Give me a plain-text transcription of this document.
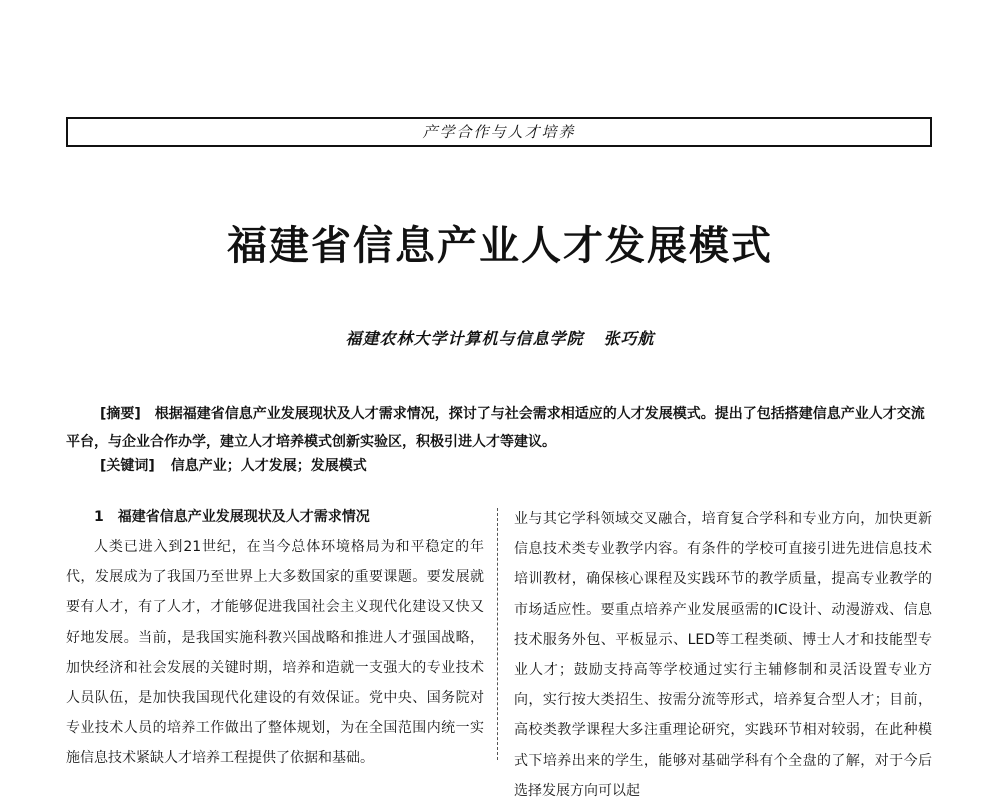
产学合作与人才培养
福建省信息产业人才发展模式
福建农林大学计算机与信息学院 张巧航
[摘要] 根据福建省信息产业发展现状及人才需求情况，探讨了与社会需求相适应的人才发展模式。提出了包括搭建信息产业人才交流平台，与企业合作办学，建立人才培养模式创新实验区，积极引进人才等建议。
[关键词] 信息产业；人才发展；发展模式
1　福建省信息产业发展现状及人才需求情况

人类已进入到21世纪，在当今总体环境格局为和平稳定的年代，发展成为了我国乃至世界上大多数国家的重要课题。要发展就要有人才，有了人才，才能够促进我国社会主义现代化建设又快又好地发展。当前，是我国实施科教兴国战略和推进人才强国战略，加快经济和社会发展的关键时期，培养和造就一支强大的专业技术人员队伍，是加快我国现代化建设的有效保证。党中央、国务院对专业技术人员的培养工作做出了整体规划，为在全国范围内统一实施信息技术紧缺人才培养工程提供了依据和基础。

业与其它学科领域交叉融合，培育复合学科和专业方向，加快更新信息技术类专业教学内容。有条件的学校可直接引进先进信息技术培训教材，确保核心课程及实践环节的教学质量，提高专业教学的市场适应性。要重点培养产业发展亟需的IC设计、动漫游戏、信息技术服务外包、平板显示、LED等工程类硕、博士人才和技能型专业人才；鼓励支持高等学校通过实行主辅修制和灵活设置专业方向，实行按大类招生、按需分流等形式，培养复合型人才；目前，高校类教学课程大多注重理论研究，实践环节相对较弱，在此种模式下培养出来的学生，能够对基础学科有个全盘的了解，对于今后选择发展方向可以起
